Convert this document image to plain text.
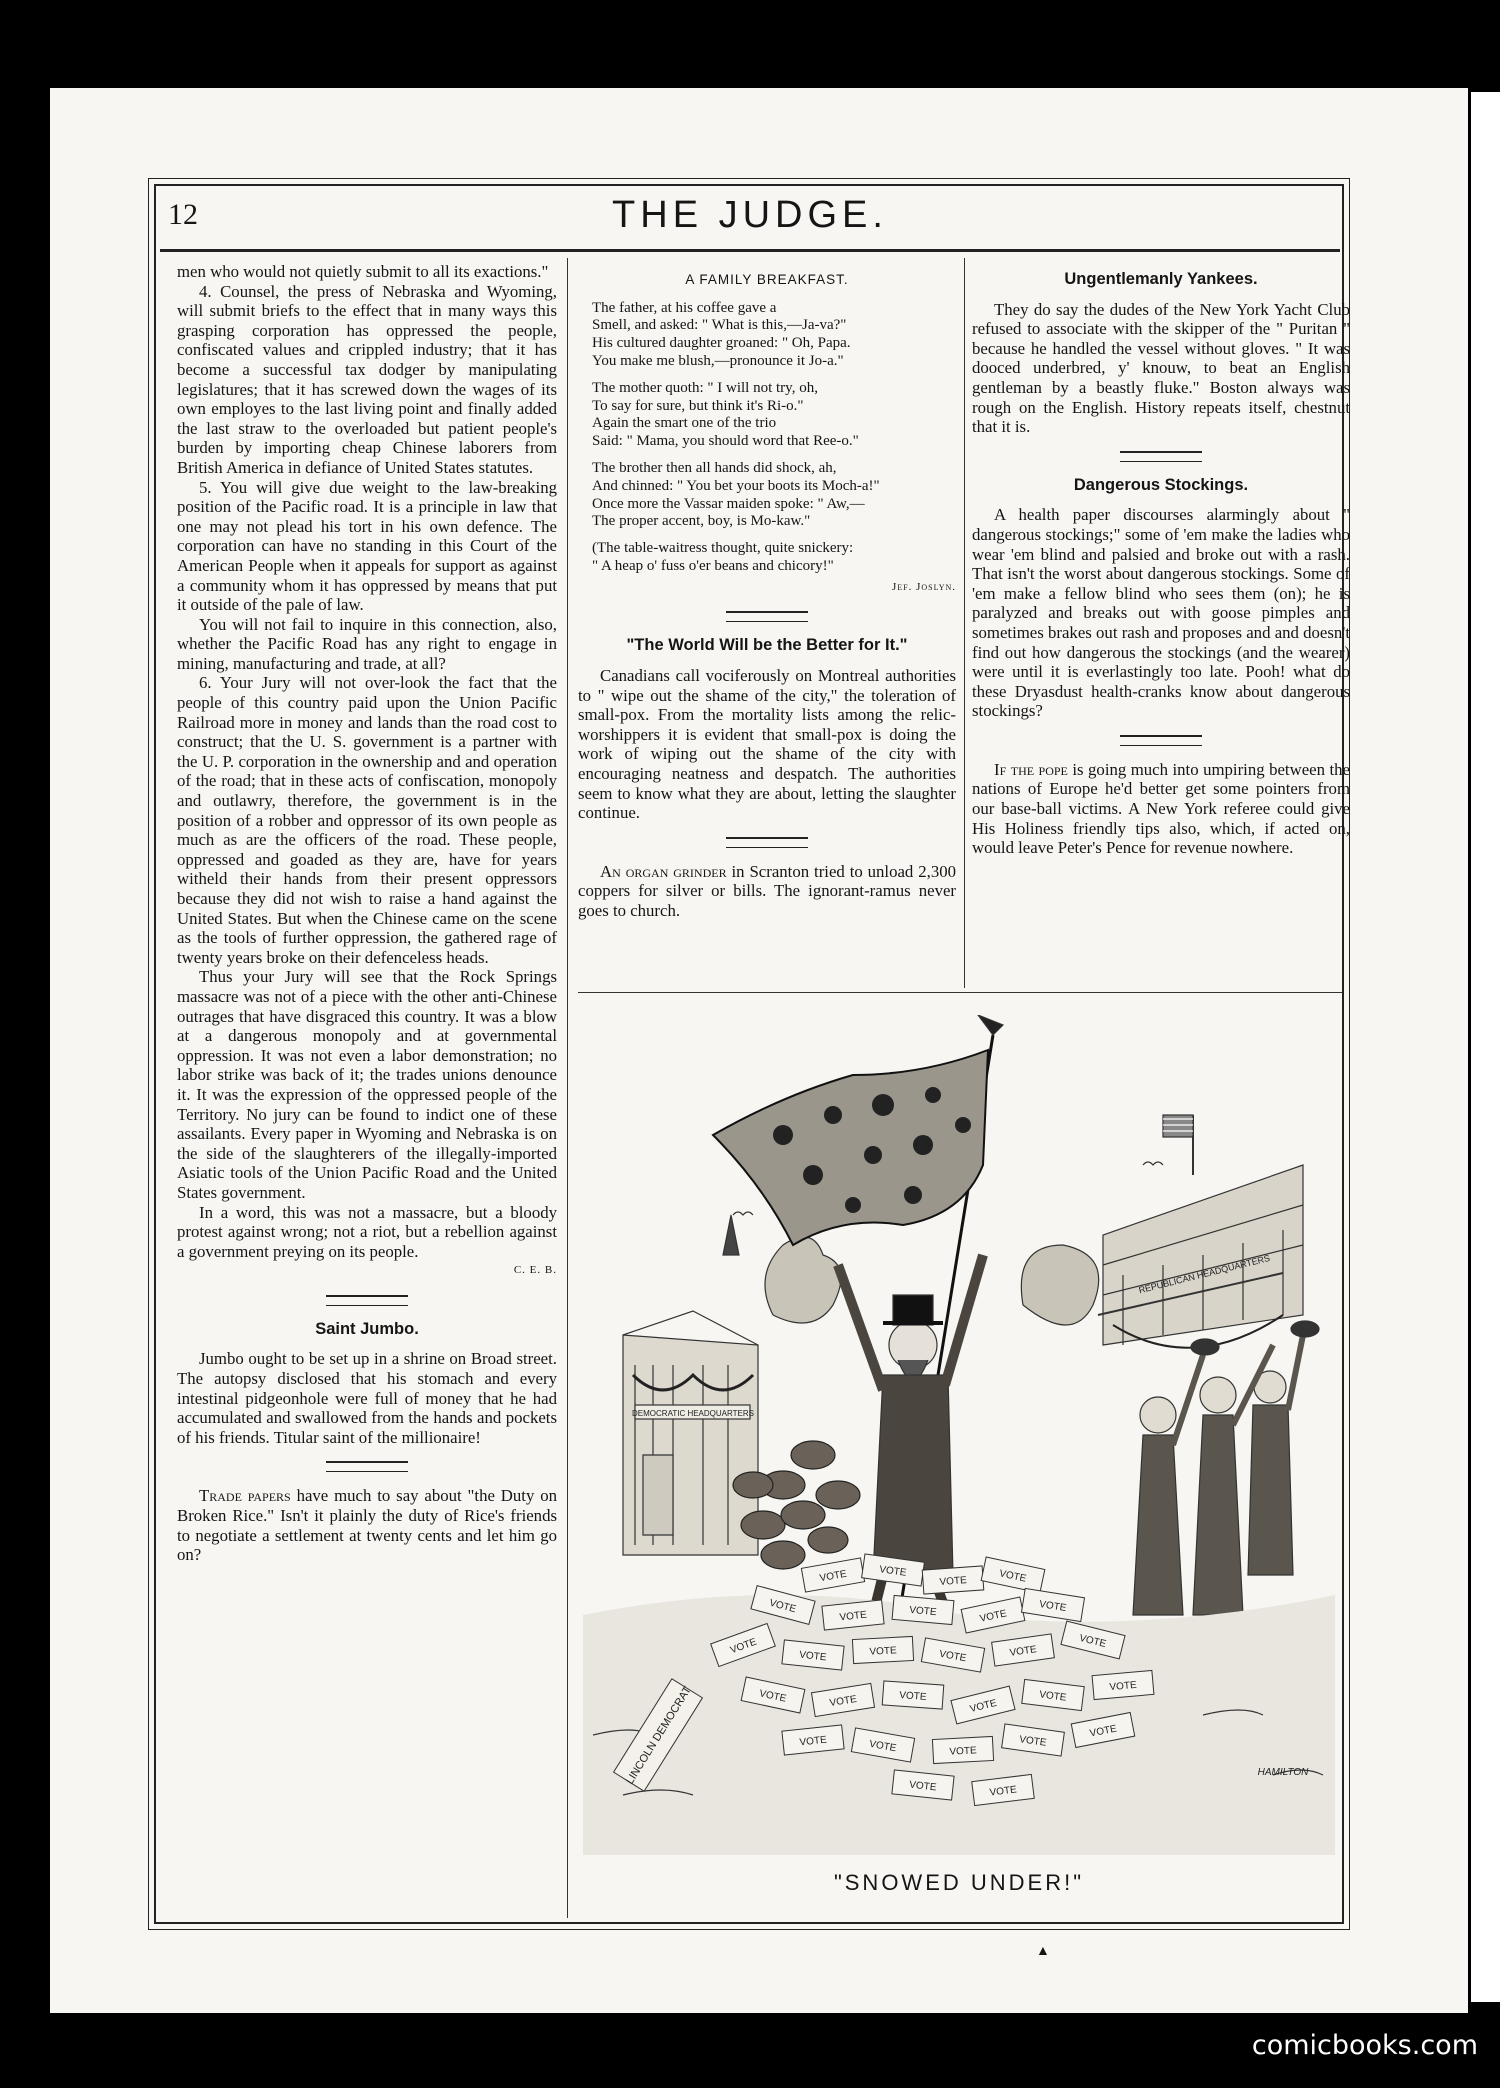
12	THE JUDGE.

men who would not quietly submit to all its exactions."

4. Counsel, the press of Nebraska and Wyoming, will submit briefs to the effect that in many ways this grasping corporation has oppressed the people, confiscated values and crippled industry; that it has become a successful tax dodger by manipulating legislatures; that it has screwed down the wages of its own employes to the last living point and finally added the last straw to the overloaded but patient people's burden by importing cheap Chinese laborers from British America in defiance of United States statutes.

5. You will give due weight to the law-breaking position of the Pacific road. It is a principle in law that one may not plead his tort in his own defence. The corporation can have no standing in this Court of the American People when it appeals for support as against a community whom it has oppressed by means that put it outside of the pale of law.

You will not fail to inquire in this connection, also, whether the Pacific Road has any right to engage in mining, manufacturing and trade, at all?

6. Your Jury will not over-look the fact that the people of this country paid upon the Union Pacific Railroad more in money and lands than the road cost to construct; that the U. S. government is a partner with the U. P. corporation in the ownership and and operation of the road; that in these acts of confiscation, monopoly and outlawry, therefore, the government is in the position of a robber and oppressor of its own people as much as are the officers of the road. These people, oppressed and goaded as they are, have for years witheld their hands from their present oppressors because they did not wish to raise a hand against the United States. But when the Chinese came on the scene as the tools of further oppression, the gathered rage of twenty years broke on their defenceless heads.

Thus your Jury will see that the Rock Springs massacre was not of a piece with the other anti-Chinese outrages that have disgraced this country. It was a blow at a dangerous monopoly and at governmental oppression. It was not even a labor demonstration; no labor strike was back of it; the trades unions denounce it. It was the expression of the oppressed people of the Territory. No jury can be found to indict one of these assailants. Every paper in Wyoming and Nebraska is on the side of the slaughterers of the illegally-imported Asiatic tools of the Union Pacific Road and the United States government.

In a word, this was not a massacre, but a bloody protest against wrong; not a riot, but a rebellion against a government preying on its people.

C. E. B.
Saint Jumbo.

Jumbo ought to be set up in a shrine on Broad street. The autopsy disclosed that his stomach and every intestinal pidgeonhole were full of money that he had accumulated and swallowed from the hands and pockets of his friends. Titular saint of the millionaire!

Trade papers have much to say about "the Duty on Broken Rice." Isn't it plainly the duty of Rice's friends to negotiate a settlement at twenty cents and let him go on?

A FAMILY BREAKFAST.
The father, at his coffee gave a
Smell, and asked: " What is this,—Ja-va?"
His cultured daughter groaned: " Oh, Papa.
You make me blush,—pronounce it Jo-a."
The mother quoth: " I will not try, oh,
To say for sure, but think it's Ri-o."
Again the smart one of the trio
Said: " Mama, you should word that Ree-o."
The brother then all hands did shock, ah,
And chinned: " You bet your boots its Moch-a!"
Once more the Vassar maiden spoke: " Aw,—
The proper accent, boy, is Mo-kaw."
(The table-waitress thought, quite snickery:
" A heap o' fuss o'er beans and chicory!"
Jef. Joslyn.
"The World Will be the Better for It."

Canadians call vociferously on Montreal authorities to " wipe out the shame of the city," the toleration of small-pox. From the mortality lists among the relic-worshippers it is evident that small-pox is doing the work of wiping out the shame of the city with encouraging neatness and despatch. The authorities seem to know what they are about, letting the slaughter continue.

An organ grinder in Scranton tried to unload 2,300 coppers for silver or bills. The ignorant-ramus never goes to church.

Ungentlemanly Yankees.

They do say the dudes of the New York Yacht Club refused to associate with the skipper of the " Puritan " because he handled the vessel without gloves. " It was dooced underbred, y' knouw, to beat an English gentleman by a beastly fluke." Boston always was rough on the English. History repeats itself, chestnut that it is.

Dangerous Stockings.

A health paper discourses alarmingly about " dangerous stockings;" some of 'em make the ladies who wear 'em blind and palsied and broke out with a rash. That isn't the worst about dangerous stockings. Some of 'em make a fellow blind who sees them (on); he is paralyzed and breaks out with goose pimples and sometimes brakes out rash and proposes and and doesn't find out how dangerous the stockings (and the wearer) were until it is everlastingly too late. Pooh! what do these Dryasdust health-cranks know about dangerous stockings?

If the pope is going much into umpiring between the nations of Europe he'd better get some pointers from our base-ball victims. A New York referee could give His Holiness friendly tips also, which, if acted on, would leave Peter's Pence for revenue nowhere.

DEMOCRATIC HEADQUARTERS
REPUBLICAN HEADQUARTERS
VOTE	VOTE
VOTE	VOTE
VOTE
VOTE	VOTE	VOTE
VOTE
VOTE
VOTE	VOTE	VOTE	VOTE
VOTE
VOTE	VOTE	VOTE
VOTE
VOTE
VOTE
VOTE	VOTE	VOTE
VOTE
VOTE
VOTE	VOTE
LINCOLN DEMOCRAT	HAMILTON
"SNOWED UNDER!"
▲
comicbooks.com
